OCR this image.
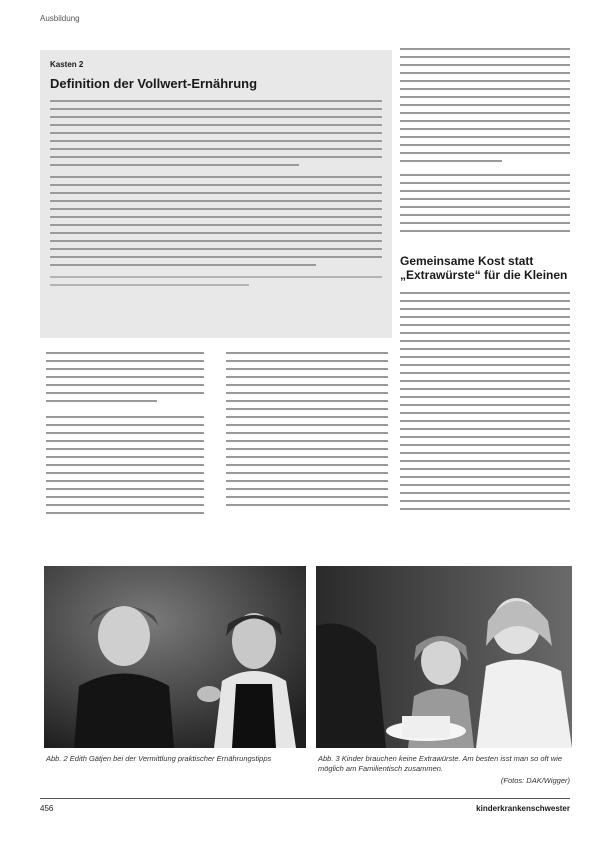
Ausbildung
Kasten 2
Definition der Vollwert-Ernährung
Gemeinsame Kost statt „Extrawürste“ für die Kleinen
Abb. 2 Edith Gätjen bei der Vermittlung praktischer Ernährungstipps	Abb. 3 Kinder brauchen keine Extrawürste. Am besten isst man so oft wie möglich am Familientisch zusammen.
(Fotos: DAK/Wigger)
456	kinderkrankenschwester
